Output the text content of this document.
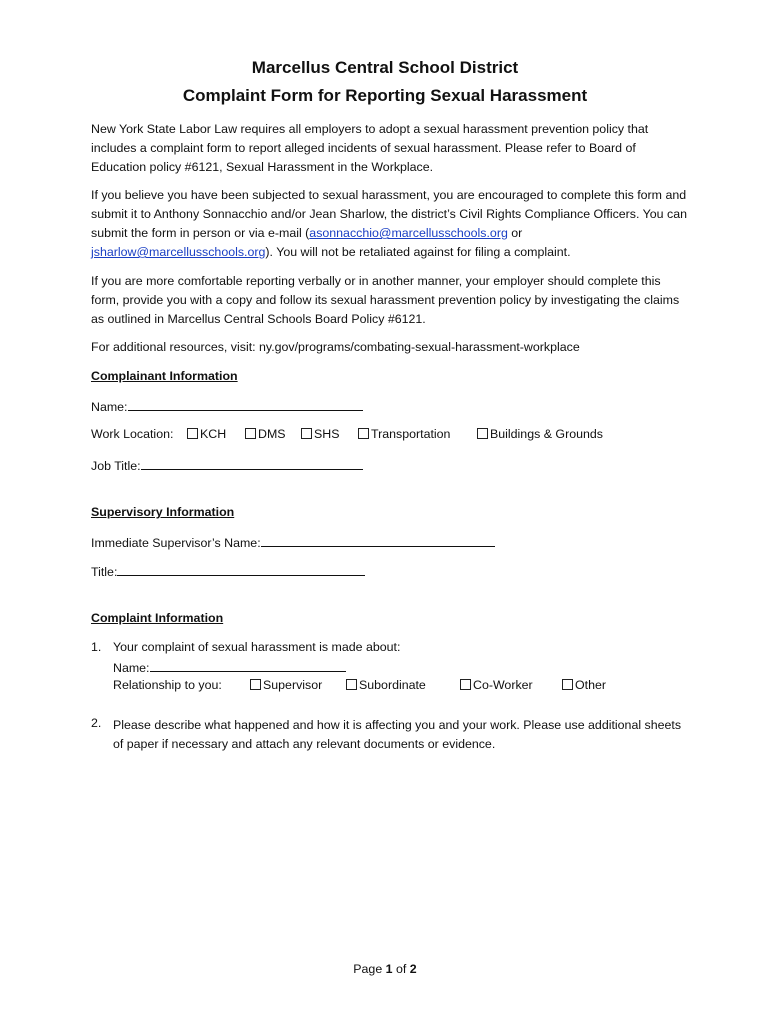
Marcellus Central School District
Complaint Form for Reporting Sexual Harassment
New York State Labor Law requires all employers to adopt a sexual harassment prevention policy that includes a complaint form to report alleged incidents of sexual harassment. Please refer to Board of Education policy #6121, Sexual Harassment in the Workplace.
If you believe you have been subjected to sexual harassment, you are encouraged to complete this form and submit it to Anthony Sonnacchio and/or Jean Sharlow, the district’s Civil Rights Compliance Officers. You can submit the form in person or via e-mail (asonnacchio@marcellusschools.org or jsharlow@marcellusschools.org). You will not be retaliated against for filing a complaint.
If you are more comfortable reporting verbally or in another manner, your employer should complete this form, provide you with a copy and follow its sexual harassment prevention policy by investigating the claims as outlined in Marcellus Central Schools Board Policy #6121.
For additional resources, visit: ny.gov/programs/combating-sexual-harassment-workplace
Complainant Information
Name:
Work Location:	KCH	DMS	SHS	Transportation	Buildings & Grounds
Job Title:
Supervisory Information
Immediate Supervisor’s Name:
Title:
Complaint Information
1. Your complaint of sexual harassment is made about:
Name:
Relationship to you:	Supervisor	Subordinate	Co-Worker	Other
2. Please describe what happened and how it is affecting you and your work. Please use additional sheets of paper if necessary and attach any relevant documents or evidence.
Page 1 of 2
